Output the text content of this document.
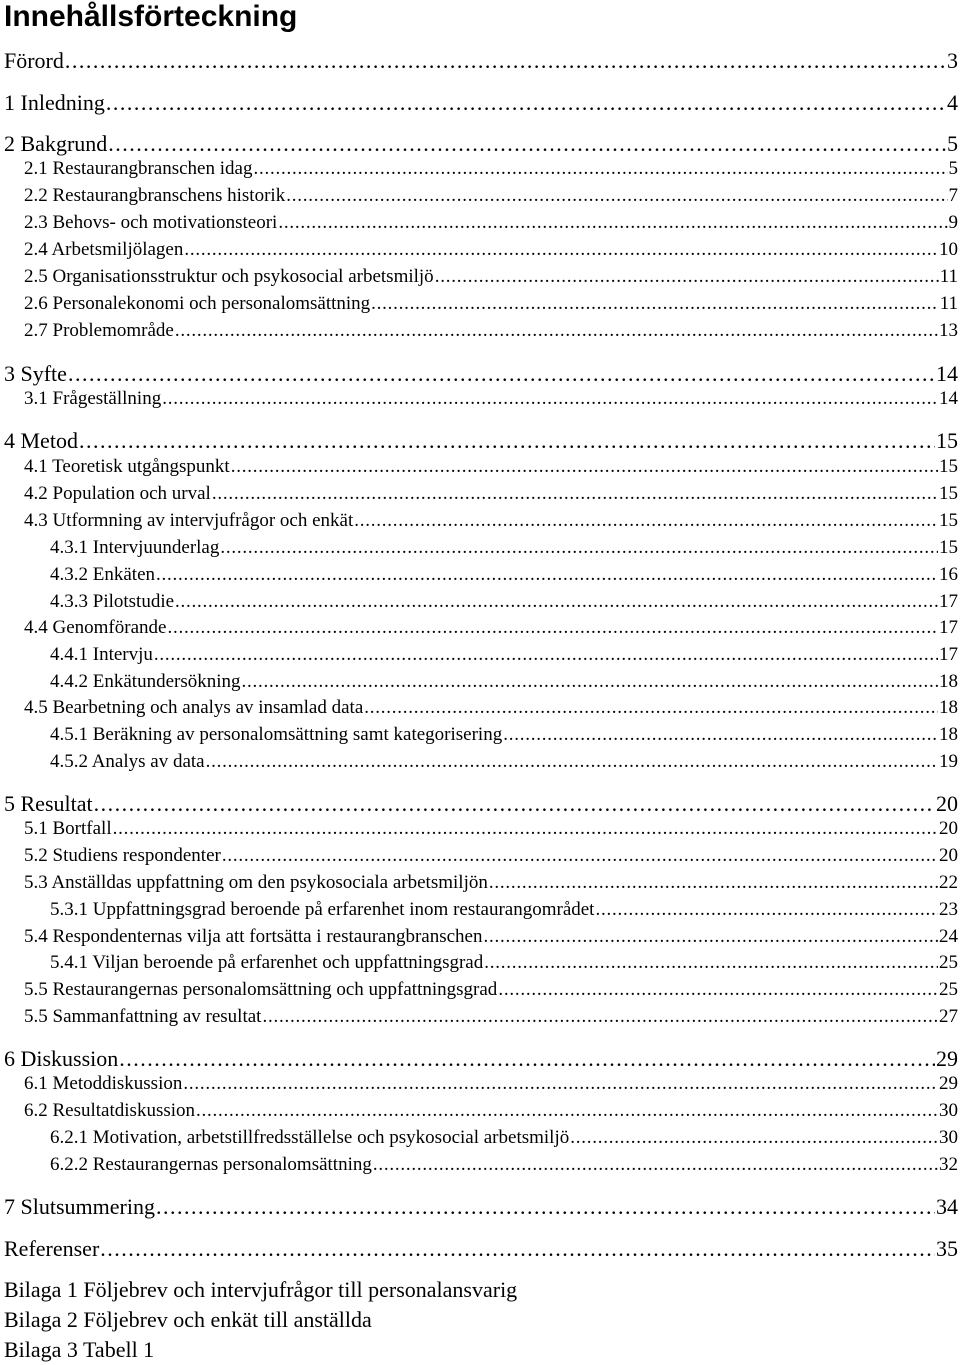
Innehållsförteckning
Förord . . .	3
1 Inledning . . .	4
2 Bakgrund . . .	5
2.1 Restaurangbranschen idag . . .	5
2.2 Restaurangbranschens historik . . .	7
2.3 Behovs- och motivationsteori . . .	9
2.4 Arbetsmiljölagen . . .	10
2.5 Organisationsstruktur och psykosocial arbetsmiljö . . .	11
2.6 Personalekonomi och personalomsättning . . .	11
2.7 Problemområde . . .	13
3 Syfte . . .	14
3.1 Frågeställning . . .	14
4 Metod . . .	15
4.1 Teoretisk utgångspunkt . . .	15
4.2 Population och urval . . .	15
4.3 Utformning av intervjufrågor och enkät . . .	15
4.3.1 Intervjuunderlag . . .	15
4.3.2 Enkäten . . .	16
4.3.3 Pilotstudie . . .	17
4.4 Genomförande . . .	17
4.4.1 Intervju . . .	17
4.4.2 Enkätundersökning . . .	18
4.5 Bearbetning och analys av insamlad data . . .	18
4.5.1 Beräkning av personalomsättning samt kategorisering . . .	18
4.5.2 Analys av data . . .	19
5 Resultat . . .	20
5.1 Bortfall . . .	20
5.2 Studiens respondenter . . .	20
5.3 Anställdas uppfattning om den psykosociala arbetsmiljön . . .	22
5.3.1 Uppfattningsgrad beroende på erfarenhet inom restaurangområdet . . .	23
5.4 Respondenternas vilja att fortsätta i restaurangbranschen . . .	24
5.4.1 Viljan beroende på erfarenhet och uppfattningsgrad . . .	25
5.5 Restaurangernas personalomsättning och uppfattningsgrad . . .	25
5.5 Sammanfattning av resultat . . .	27
6 Diskussion . . .	29
6.1 Metoddiskussion . . .	29
6.2 Resultatdiskussion . . .	30
6.2.1 Motivation, arbetstillfredsställelse och psykosocial arbetsmiljö . . .	30
6.2.2 Restaurangernas personalomsättning . . .	32
7 Slutsummering . . .	34
Referenser . . .	35
Bilaga 1 Följebrev och intervjufrågor till personalansvarig
Bilaga 2 Följebrev och enkät till anställda
Bilaga 3 Tabell 1
